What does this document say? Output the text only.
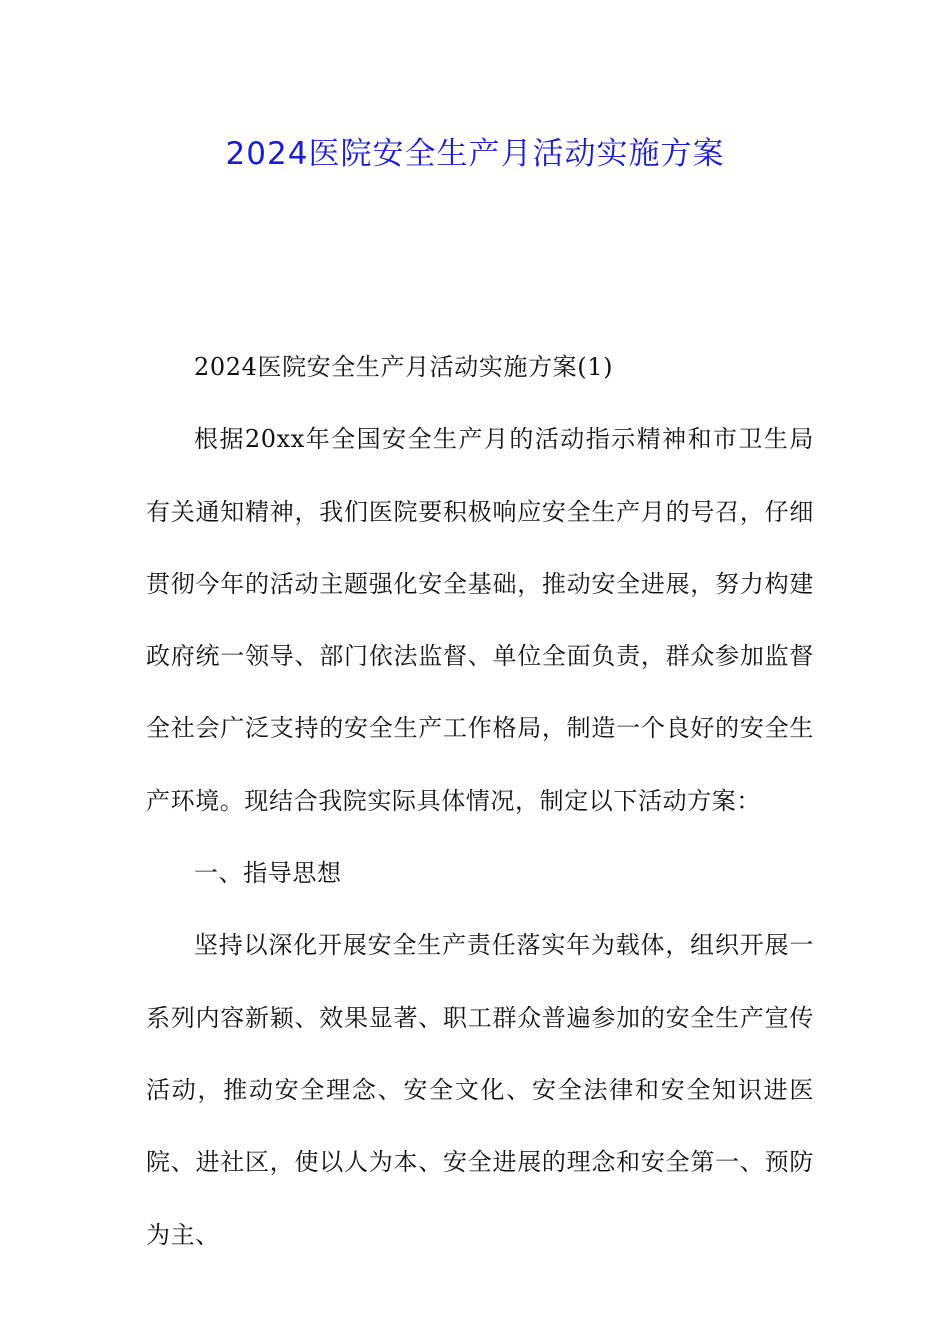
2024医院安全生产月活动实施方案

2024医院安全生产月活动实施方案(1)

根据20xx年全国安全生产月的活动指示精神和市卫生局有关通知精神，我们医院要积极响应安全生产月的号召，仔细贯彻今年的活动主题强化安全基础，推动安全进展，努力构建政府统一领导、部门依法监督、单位全面负责，群众参加监督全社会广泛支持的安全生产工作格局，制造一个良好的安全生产环境。现结合我院实际具体情况，制定以下活动方案：

一、指导思想

坚持以深化开展安全生产责任落实年为载体，组织开展一系列内容新颖、效果显著、职工群众普遍参加的安全生产宣传活动，推动安全理念、安全文化、安全法律和安全知识进医院、进社区，使以人为本、安全进展的理念和安全第一、预防为主、
